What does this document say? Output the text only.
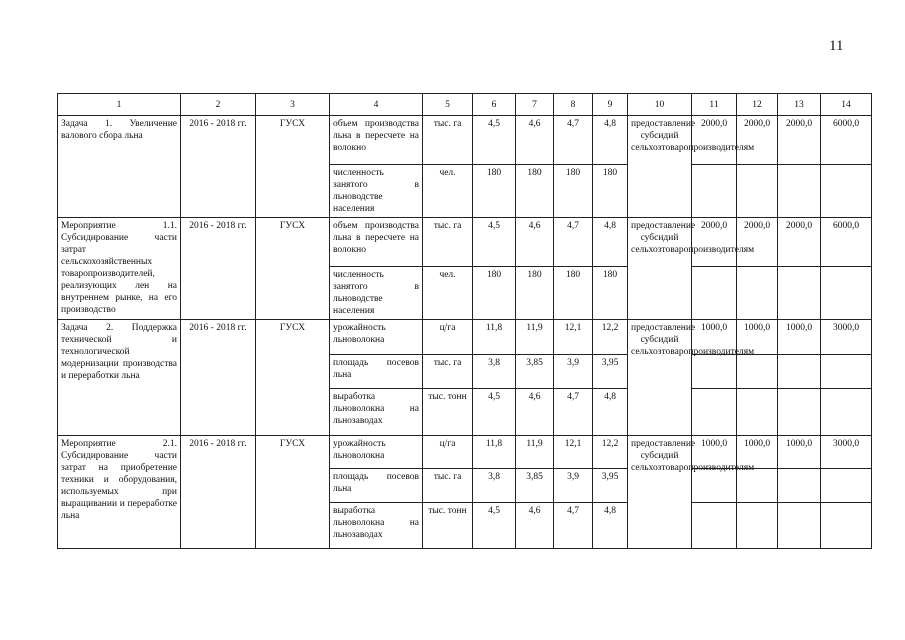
11
1	2	3	4	5	6	7	8	9	10	11	12	13	14
Задача 1. Увеличение валового сбора льна	2016 - 2018 гг.	ГУСХ	объем производства льна в пересчете на волокно	тыс. га	4,5	4,6	4,7	4,8	предоставление субсидий сельхозтоваропроизводителям	2000,0	2000,0	2000,0	6000,0
			численность занятого в льноводстве населения	чел.	180	180	180	180					
Мероприятие 1.1. Субсидирование части затрат сельскохозяйственных товаропроизводителей, реализующих лен на внутреннем рынке, на его производство	2016 - 2018 гг.	ГУСХ	объем производства льна в пересчете на волокно	тыс. га	4,5	4,6	4,7	4,8	предоставление субсидий сельхозтоваропроизводителям	2000,0	2000,0	2000,0	6000,0
			численность занятого в льноводстве населения	чел.	180	180	180	180					
Задача 2. Поддержка технической и технологической модернизации производства и переработки льна	2016 - 2018 гг.	ГУСХ	урожайность льноволокна	ц/га	11,8	11,9	12,1	12,2	предоставление субсидий сельхозтоваропроизводителям	1000,0	1000,0	1000,0	3000,0
			площадь посевов льна	тыс. га	3,8	3,85	3,9	3,95					
			выработка льноволокна на льнозаводах	тыс. тонн	4,5	4,6	4,7	4,8					
Мероприятие 2.1. Субсидирование части затрат на приобретение техники и оборудования, используемых при выращивании и переработке льна	2016 - 2018 гг.	ГУСХ	урожайность льноволокна	ц/га	11,8	11,9	12,1	12,2	предоставление субсидий сельхозтоваропроизводителям	1000,0	1000,0	1000,0	3000,0
			площадь посевов льна	тыс. га	3,8	3,85	3,9	3,95					
			выработка льноволокна на льнозаводах	тыс. тонн	4,5	4,6	4,7	4,8					
